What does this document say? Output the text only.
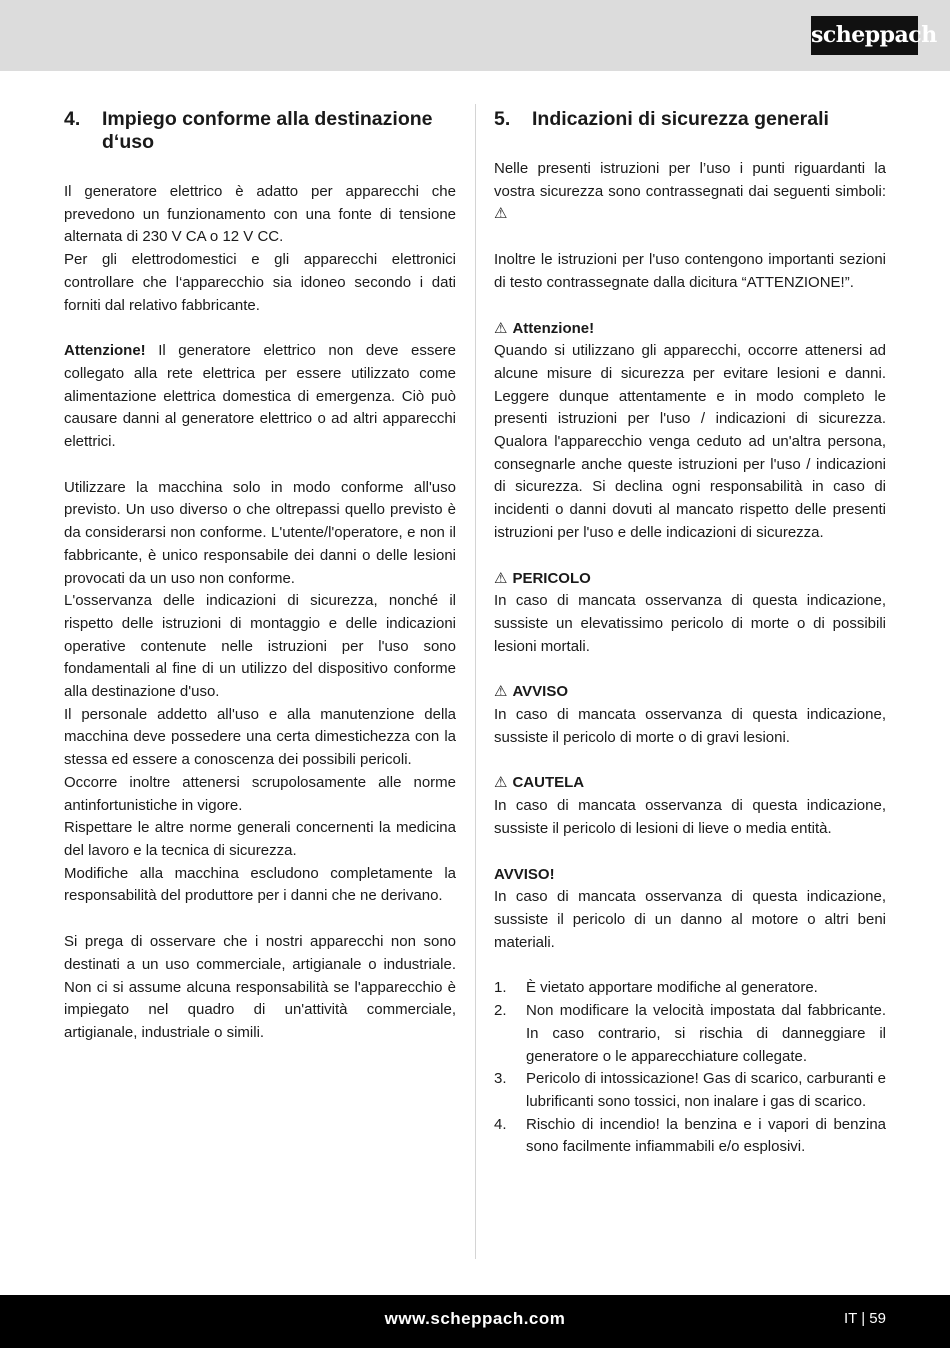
scheppach
4.	Impiego conforme alla destinazione d‘uso

Il generatore elettrico è adatto per apparecchi che prevedono un funzionamento con una fonte di tensione alternata di 230 V CA o 12 V CC.

Per gli elettrodomestici e gli apparecchi elettronici controllare che l‘apparecchio sia idoneo secondo i dati forniti dal relativo fabbricante.

Attenzione! Il generatore elettrico non deve essere collegato alla rete elettrica per essere utilizzato come alimentazione elettrica domestica di emergenza. Ciò può causare danni al generatore elettrico o ad altri apparecchi elettrici.

Utilizzare la macchina solo in modo conforme all'uso previsto. Un uso diverso o che oltrepassi quello previsto è da considerarsi non conforme. L'utente/l'operatore, e non il fabbricante, è unico responsabile dei danni o delle lesioni provocati da un uso non conforme.

L'osservanza delle indicazioni di sicurezza, nonché il rispetto delle istruzioni di montaggio e delle indicazioni operative contenute nelle istruzioni per l'uso sono fondamentali al fine di un utilizzo del dispositivo conforme alla destinazione d'uso.

Il personale addetto all'uso e alla manutenzione della macchina deve possedere una certa dimestichezza con la stessa ed essere a conoscenza dei possibili pericoli.

Occorre inoltre attenersi scrupolosamente alle norme antinfortunistiche in vigore.

Rispettare le altre norme generali concernenti la medicina del lavoro e la tecnica di sicurezza.

Modifiche alla macchina escludono completamente la responsabilità del produttore per i danni che ne derivano.

Si prega di osservare che i nostri apparecchi non sono destinati a un uso commerciale, artigianale o industriale. Non ci si assume alcuna responsabilità se l'apparecchio è impiegato nel quadro di un'attività commerciale, artigianale, industriale o simili.

5.	Indicazioni di sicurezza generali

Nelle presenti istruzioni per l’uso i punti riguardanti la vostra sicurezza sono contrassegnati dai seguenti simboli: ⚠

Inoltre le istruzioni per l'uso contengono importanti sezioni di testo contrassegnate dalla dicitura “ATTENZIONE!”.

⚠ Attenzione!

Quando si utilizzano gli apparecchi, occorre attenersi ad alcune misure di sicurezza per evitare lesioni e danni. Leggere dunque attentamente e in modo completo le presenti istruzioni per l'uso / indicazioni di sicurezza. Qualora l'apparecchio venga ceduto ad un'altra persona, consegnarle anche queste istruzioni per l'uso / indicazioni di sicurezza. Si declina ogni responsabilità in caso di incidenti o danni dovuti al mancato rispetto delle presenti istruzioni per l'uso e delle indicazioni di sicurezza.

⚠ PERICOLO

In caso di mancata osservanza di questa indicazione, sussiste un elevatissimo pericolo di morte o di possibili lesioni mortali.

⚠ AVVISO

In caso di mancata osservanza di questa indicazione, sussiste il pericolo di morte o di gravi lesioni.

⚠ CAUTELA

In caso di mancata osservanza di questa indicazione, sussiste il pericolo di lesioni di lieve o media entità.

AVVISO!

In caso di mancata osservanza di questa indicazione, sussiste il pericolo di un danno al motore o altri beni materiali.

1.	È vietato apportare modifiche al generatore.
2.	Non modificare la velocità impostata dal fabbricante. In caso contrario, si rischia di danneggiare il generatore o le apparecchiature collegate.
3.	Pericolo di intossicazione! Gas di scarico, carburanti e lubrificanti sono tossici, non inalare i gas di scarico.
4.	Rischio di incendio! la benzina e i vapori di benzina sono facilmente infiammabili e/o esplosivi.
www.scheppach.com	IT | 59
